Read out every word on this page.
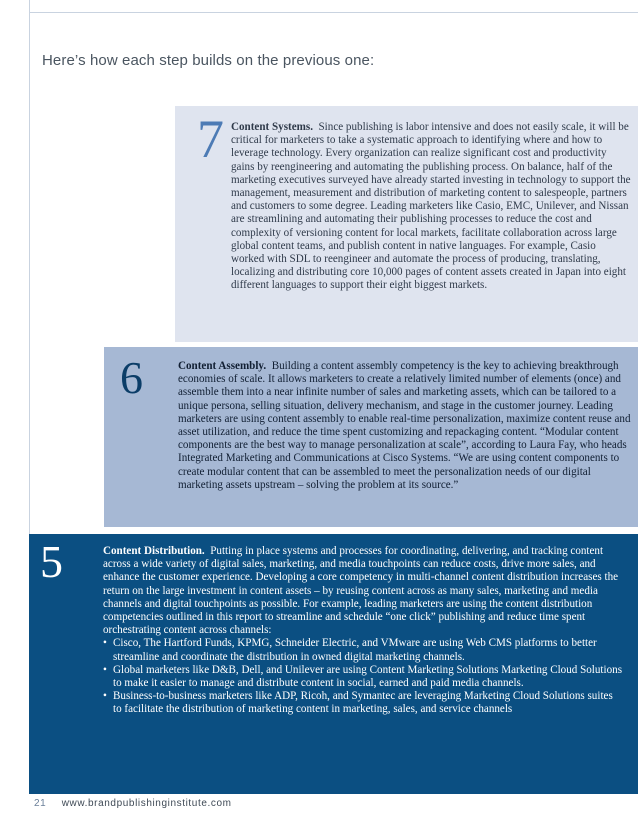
Here’s how each step builds on the previous one:
7 Content Systems. Since publishing is labor intensive and does not easily scale, it will be critical for marketers to take a systematic approach to identifying where and how to leverage technology. Every organization can realize significant cost and productivity gains by reengineering and automating the publishing process. On balance, half of the marketing executives surveyed have already started investing in technology to support the management, measurement and distribution of marketing content to salespeople, partners and customers to some degree. Leading marketers like Casio, EMC, Unilever, and Nissan are streamlining and automating their publishing processes to reduce the cost and complexity of versioning content for local markets, facilitate collaboration across large global content teams, and publish content in native languages. For example, Casio worked with SDL to reengineer and automate the process of producing, translating, localizing and distributing core 10,000 pages of content assets created in Japan into eight different languages to support their eight biggest markets.

6	Content Assembly. Building a content assembly competency is the key to achieving breakthrough economies of scale. It allows marketers to create a relatively limited number of elements (once) and assemble them into a near infinite number of sales and marketing assets, which can be tailored to a unique persona, selling situation, delivery mechanism, and stage in the customer journey. Leading marketers are using content assembly to enable real-time personalization, maximize content reuse and asset utilization, and reduce the time spent customizing and repackaging content. “Modular content components are the best way to manage personalization at scale”, according to Laura Fay, who heads Integrated Marketing and Communications at Cisco Systems. “We are using content components to create modular content that can be assembled to meet the personalization needs of our digital marketing assets upstream – solving the problem at its source.”

5	Content Distribution. Putting in place systems and processes for coordinating, delivering, and tracking content across a wide variety of digital sales, marketing, and media touchpoints can reduce costs, drive more sales, and enhance the customer experience. Developing a core competency in multi-channel content distribution increases the return on the large investment in content assets – by reusing content across as many sales, marketing and media channels and digital touchpoints as possible. For example, leading marketers are using the content distribution competencies outlined in this report to streamline and schedule “one click” publishing and reduce time spent orchestrating content across channels:
• Cisco, The Hartford Funds, KPMG, Schneider Electric, and VMware are using Web CMS platforms to better streamline and coordinate the distribution in owned digital marketing channels.
• Global marketers like D&B, Dell, and Unilever are using Content Marketing Solutions Marketing Cloud Solutions to make it easier to manage and distribute content in social, earned and paid media channels.
• Business-to-business marketers like ADP, Ricoh, and Symantec are leveraging Marketing Cloud Solutions suites to facilitate the distribution of marketing content in marketing, sales, and service channels
21 www.brandpublishinginstitute.com
